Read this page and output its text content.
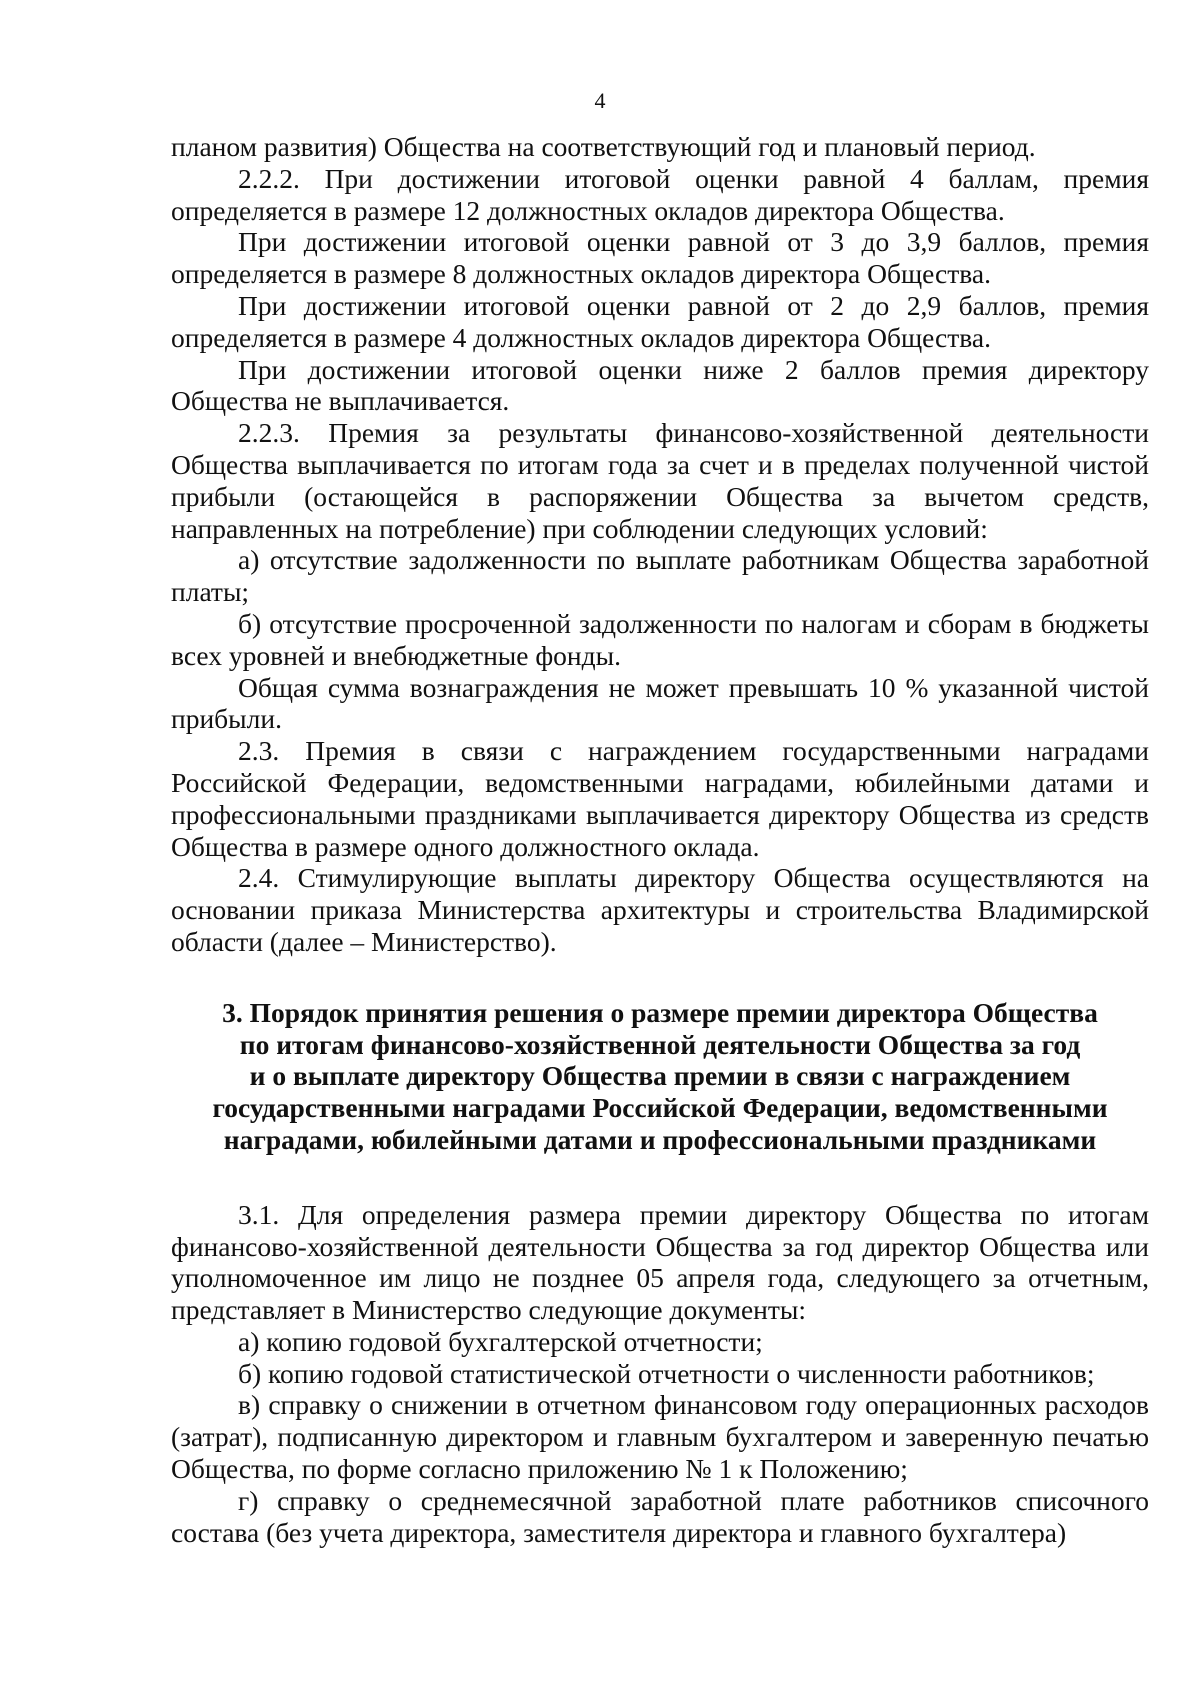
4

планом развития) Общества на соответствующий год и плановый период.

2.2.2. При достижении итоговой оценки равной 4 баллам, премия определяется в размере 12 должностных окладов директора Общества.

При достижении итоговой оценки равной от 3 до 3,9 баллов, премия определяется в размере 8 должностных окладов директора Общества.

При достижении итоговой оценки равной от 2 до 2,9 баллов, премия определяется в размере 4 должностных окладов директора Общества.

При достижении итоговой оценки ниже 2 баллов премия директору Общества не выплачивается.

2.2.3. Премия за результаты финансово-хозяйственной деятельности Общества выплачивается по итогам года за счет и в пределах полученной чистой прибыли (остающейся в распоряжении Общества за вычетом средств, направленных на потребление) при соблюдении следующих условий:

а) отсутствие задолженности по выплате работникам Общества заработной платы;

б) отсутствие просроченной задолженности по налогам и сборам в бюджеты всех уровней и внебюджетные фонды.

Общая сумма вознаграждения не может превышать 10 % указанной чистой прибыли.

2.3. Премия в связи с награждением государственными наградами Российской Федерации, ведомственными наградами, юбилейными датами и профессиональными праздниками выплачивается директору Общества из средств Общества в размере одного должностного оклада.

2.4. Стимулирующие выплаты директору Общества осуществляются на основании приказа Министерства архитектуры и строительства Владимирской области (далее – Министерство).

3. Порядок принятия решения о размере премии директора Общества
по итогам финансово-хозяйственной деятельности Общества за год
и о выплате директору Общества премии в связи с награждением
государственными наградами Российской Федерации, ведомственными
наградами, юбилейными датами и профессиональными праздниками

3.1. Для определения размера премии директору Общества по итогам финансово-хозяйственной деятельности Общества за год директор Общества или уполномоченное им лицо не позднее 05 апреля года, следующего за отчетным, представляет в Министерство следующие документы:

а) копию годовой бухгалтерской отчетности;

б) копию годовой статистической отчетности о численности работников;

в) справку о снижении в отчетном финансовом году операционных расходов (затрат), подписанную директором и главным бухгалтером и заверенную печатью Общества, по форме согласно приложению № 1 к Положению;

г) справку о среднемесячной заработной плате работников списочного состава (без учета директора, заместителя директора и главного бухгалтера)
